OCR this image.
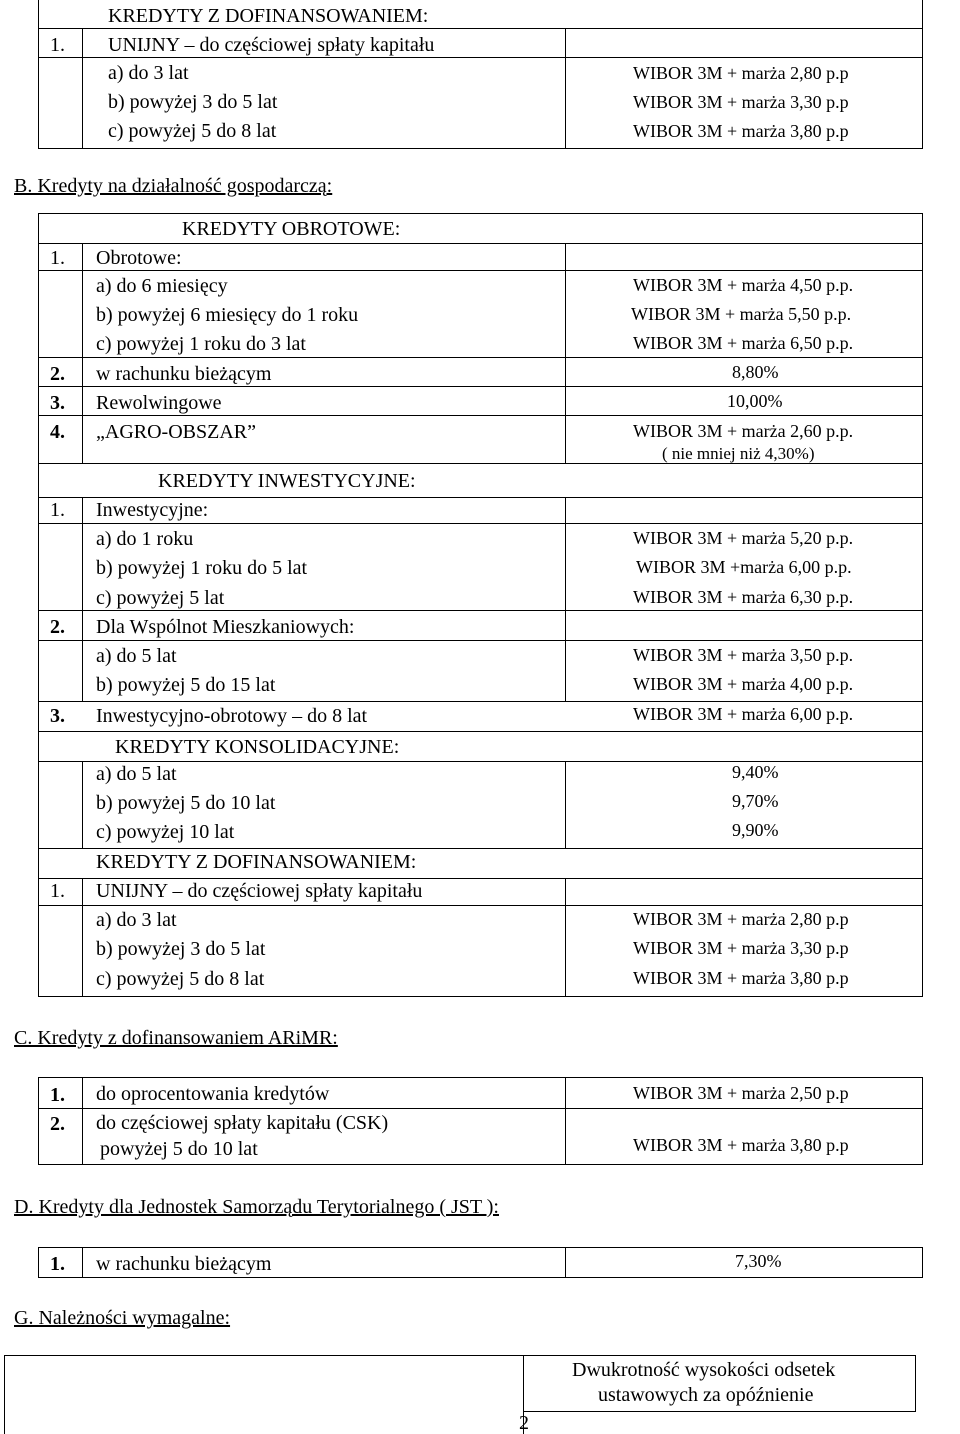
KREDYTY Z DOFINANSOWANIEM:
1. UNIJNY – do częściowej spłaty kapitału
a) do 3 lat	WIBOR 3M + marża 2,80 p.p
b) powyżej 3 do 5 lat	WIBOR 3M + marża 3,30 p.p
c) powyżej 5 do 8 lat	WIBOR 3M + marża 3,80 p.p
B. Kredyty na działalność gospodarczą:
KREDYTY OBROTOWE:
1. Obrotowe:
a) do 6 miesięcy	WIBOR 3M + marża 4,50 p.p.
b) powyżej 6 miesięcy do 1 roku	WIBOR 3M + marża 5,50 p.p.
c) powyżej 1 roku do 3 lat	WIBOR 3M + marża 6,50 p.p.
2. w rachunku bieżącym	8,80%
3. Rewolwingowe	10,00%
4. „AGRO-OBSZAR”	WIBOR 3M + marża 2,60 p.p.
( nie mniej niż 4,30%)
KREDYTY INWESTYCYJNE:
1. Inwestycyjne:
a) do 1 roku	WIBOR 3M + marża 5,20 p.p.
b) powyżej 1 roku do 5 lat	WIBOR 3M +marża 6,00 p.p.
c) powyżej 5 lat	WIBOR 3M + marża 6,30 p.p.
2. Dla Wspólnot Mieszkaniowych:
a) do 5 lat	WIBOR 3M + marża 3,50 p.p.
b) powyżej 5 do 15 lat	WIBOR 3M + marża 4,00 p.p.
3. Inwestycyjno-obrotowy – do 8 lat	WIBOR 3M + marża 6,00 p.p.
KREDYTY KONSOLIDACYJNE:
a) do 5 lat	9,40%
b) powyżej 5 do 10 lat	9,70%
c) powyżej 10 lat	9,90%
KREDYTY Z DOFINANSOWANIEM:
1. UNIJNY – do częściowej spłaty kapitału
a) do 3 lat	WIBOR 3M + marża 2,80 p.p
b) powyżej 3 do 5 lat	WIBOR 3M + marża 3,30 p.p
c) powyżej 5 do 8 lat	WIBOR 3M + marża 3,80 p.p
C. Kredyty z dofinansowaniem ARiMR:
1. do oprocentowania kredytów	WIBOR 3M + marża 2,50 p.p
2. do częściowej spłaty kapitału (CSK)
powyżej 5 do 10 lat	WIBOR 3M + marża 3,80 p.p
D. Kredyty dla Jednostek Samorządu Terytorialnego ( JST ):
1. w rachunku bieżącym	7,30%
G. Należności wymagalne:
Dwukrotność wysokości odsetek
ustawowych za opóźnienie
2
